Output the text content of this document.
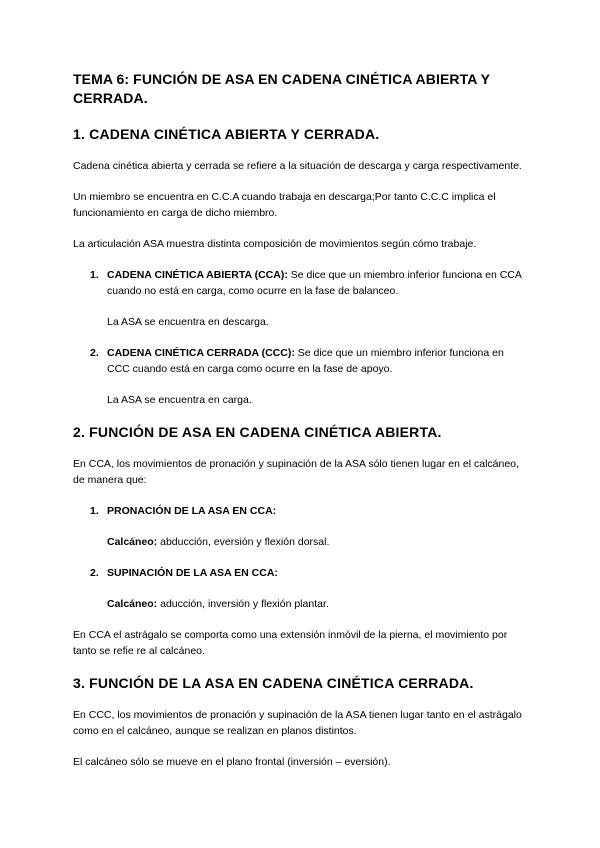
TEMA 6: FUNCIÓN DE ASA EN CADENA CINÉTICA ABIERTA Y CERRADA.
1. CADENA CINÉTICA ABIERTA Y CERRADA.

Cadena cinética abierta y cerrada se refiere a la situación de descarga y carga respectivamente.

Un miembro se encuentra en C.C.A cuando trabaja en descarga;Por tanto C.C.C implica el funcionamiento en carga de dicho miembro.

La articulación ASA muestra distinta composición de movimientos según cómo trabaje.

1. CADENA CINÉTICA ABIERTA (CCA): Se dice que un miembro inferior funciona en CCA cuando no está en carga, como ocurre en la fase de balanceo.

La ASA se encuentra en descarga.

2. CADENA CINÉTICA CERRADA (CCC): Se dice que un miembro inferior funciona en CCC cuando está en carga como ocurre en la fase de apoyo.

La ASA se encuentra en carga.

2. FUNCIÓN DE ASA EN CADENA CINÉTICA ABIERTA.

En CCA, los movimientos de pronación y supinación de la ASA sólo tienen lugar en el calcáneo, de manera que:

1. PRONACIÓN DE LA ASA EN CCA:

Calcáneo: abducción, eversión y flexión dorsal.

2. SUPINACIÓN DE LA ASA EN CCA:

Calcáneo: aducción, inversión y flexión plantar.

En CCA el astrágalo se comporta como una extensión inmóvil de la pierna, el movimiento por tanto se refie re al calcáneo.

3. FUNCIÓN DE LA ASA EN CADENA CINÉTICA CERRADA.

En CCC, los movimientos de pronación y supinación de la ASA tienen lugar tanto en el astrágalo como en el calcáneo, aunque se realizan en planos distintos.

El calcáneo sólo se mueve en el plano frontal (inversión – eversión).
